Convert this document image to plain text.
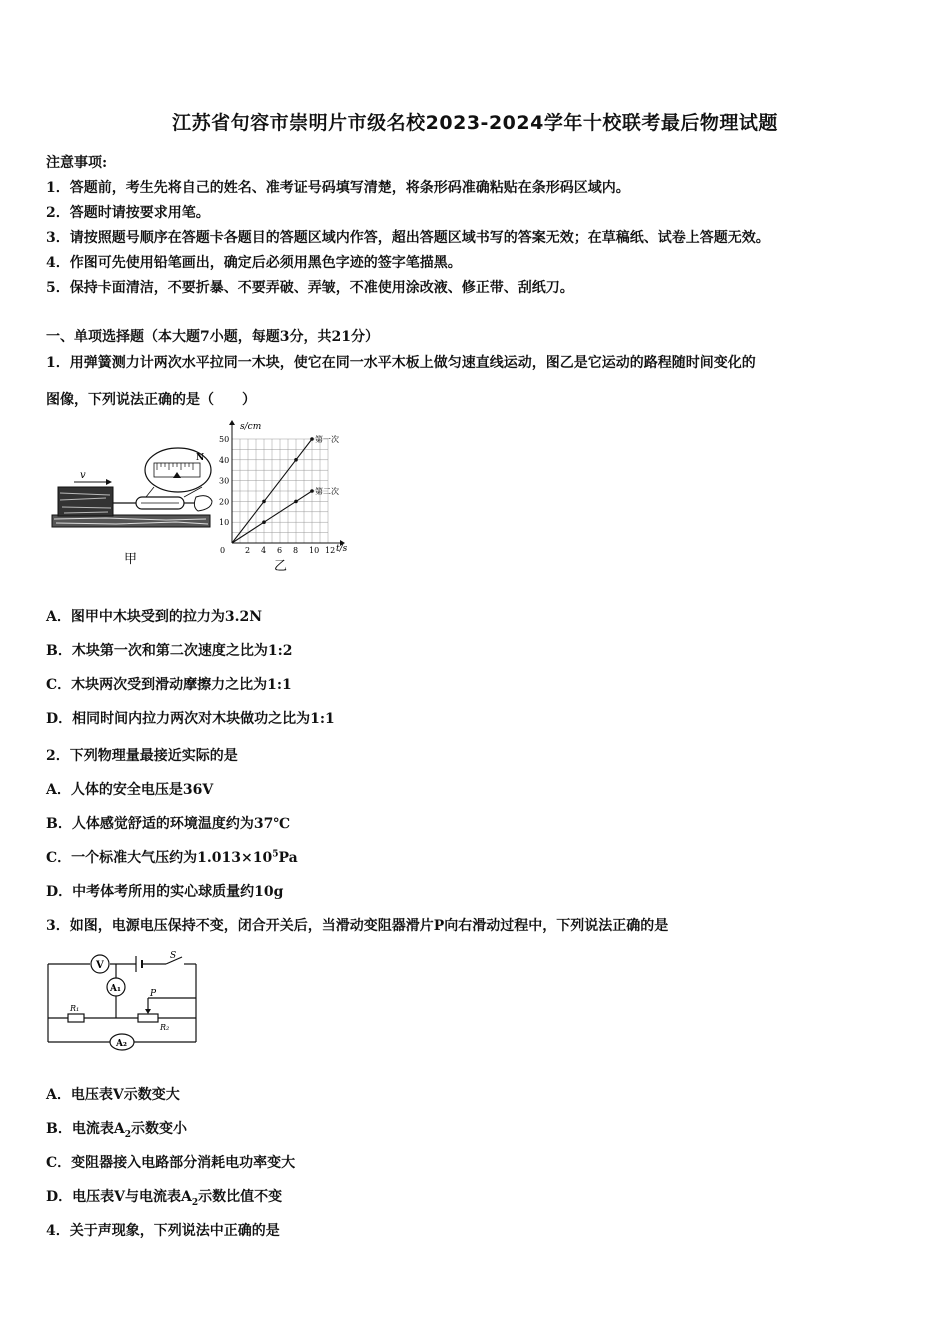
江苏省句容市崇明片市级名校2023-2024学年十校联考最后物理试题
注意事项:
1．答题前，考生先将自己的姓名、准考证号码填写清楚，将条形码准确粘贴在条形码区域内。
2．答题时请按要求用笔。
3．请按照题号顺序在答题卡各题目的答题区域内作答，超出答题区域书写的答案无效；在草稿纸、试卷上答题无效。
4．作图可先使用铅笔画出，确定后必须用黑色字迹的签字笔描黑。
5．保持卡面清洁，不要折暴、不要弄破、弄皱，不准使用涂改液、修正带、刮纸刀。
一、单项选择题（本大题7小题，每题3分，共21分）
1．用弹簧测力计两次水平拉同一木块，使它在同一水平木板上做匀速直线运动，图乙是它运动的路程随时间变化的
图像，下列说法正确的是（　　）
v
N
甲
2 4 6 8 10 12
0
10
20
30
40
50	第一次
第二次
s/cm
t/s
乙
A．图甲中木块受到的拉力为3.2N
B．木块第一次和第二次速度之比为1:2
C．木块两次受到滑动摩擦力之比为1:1
D．相同时间内拉力两次对木块做功之比为1:1
2．下列物理量最接近实际的是
A．人体的安全电压是36V
B．人体感觉舒适的环境温度约为37℃
C．一个标准大气压约为$1.013\times 10^5Pa$
D．中考体考所用的实心球质量约10g
3．如图，电源电压保持不变，闭合开关后，当滑动变阻器滑片P向右滑动过程中，下列说法正确的是
V
A₁
A₂
S
P
R₁
R₂
A．电压表V示数变大
B．电流表$A_2$示数变小
C．变阻器接入电路部分消耗电功率变大
D．电压表V与电流表$A_2$示数比值不变
4．关于声现象，下列说法中正确的是
